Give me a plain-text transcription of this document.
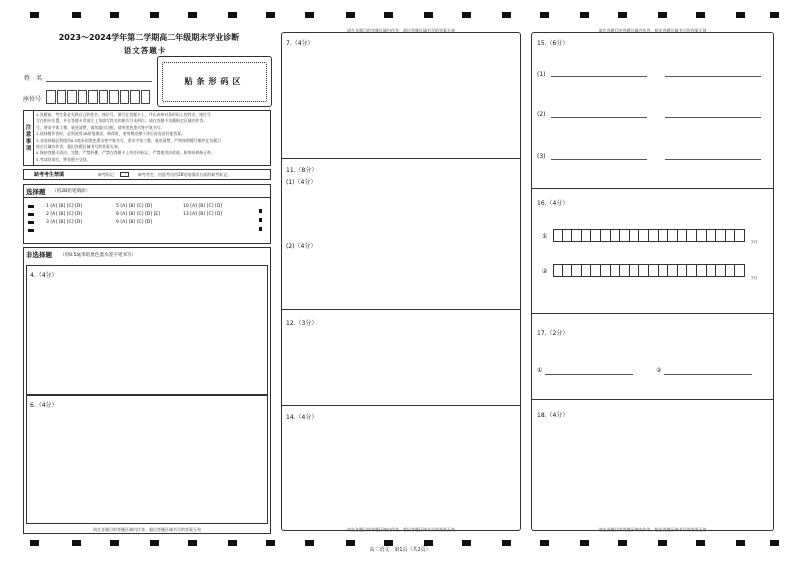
2023～2024学年第二学期高二年级期末学业诊断
语文答题卡
姓　名
座位号
贴条形码区
注意事项
1.答题前，考生务必先将自己的姓名、座位号，填写在答题卡上，并认真核对条形码上的姓名、座位号
写在相应位置，并在答题卡背面左上角填写姓名和座位号末两位。请在答题卡各题指定区域内作答。
号、要求字体工整、笔迹清楚，请勿超出边框，请用黑色墨水签字笔书写。
2.选择题作答时，必须使用2B铅笔填涂，修改时，要用橡皮擦干净后再选涂其他答案。
3.非选择题必须使用0.5毫米的黑色墨水签字笔书写，要求字体工整、笔迹清楚，严格按照题号顺序在各题目
规定区域内作答，超出答题区域书写的答案无效。
4.保持答题卡清洁、完整，严禁折叠，严禁在答题卡上作任何标记，严禁使用涂改液、胶带纸和修正带。
5.考试结束后，将答题卡交回。
缺考考生禁填	缺考标记	缺考考生，由监考员用2B铅笔填涂右面的缺考标记。
选择题 （用2B铅笔填涂）
1 [A] [B] [C] [D]	5 [A] [B] [C] [D]	10 [A] [B] [C] [D]
2 [A] [B] [C] [D]	8 [A] [B] [C] [D] [E]	13 [A] [B] [C] [D]
3 [A] [B] [C] [D]	9 [A] [B] [C] [D]
非选择题 （用0.5毫米的黑色墨水签字笔书写）
4.（4分）
6.（4分）
请在各题目的答题区域内作答，超出答题区域书写的答案无效
请在各题目的答题区域内作答，超出答题区域书写的答案无效
7.（4分）
11.（8分）
(1)（4分）
(2)（4分）
12.（3分）
14.（4分）
请在各题目的答题区域内作答，超出答题区域书写的答案无效
请在各题目的答题区域内作答，超出答题区域书写的答案无效
15.（6分）
(1)
(2)
(3)
16.（4分）
①
???
②
???
17.（2分）
①	②
18.（4分）
请在各题目的答题区域内作答，超出答题区域书写的答案无效
高二语文　第1页（共2页）
